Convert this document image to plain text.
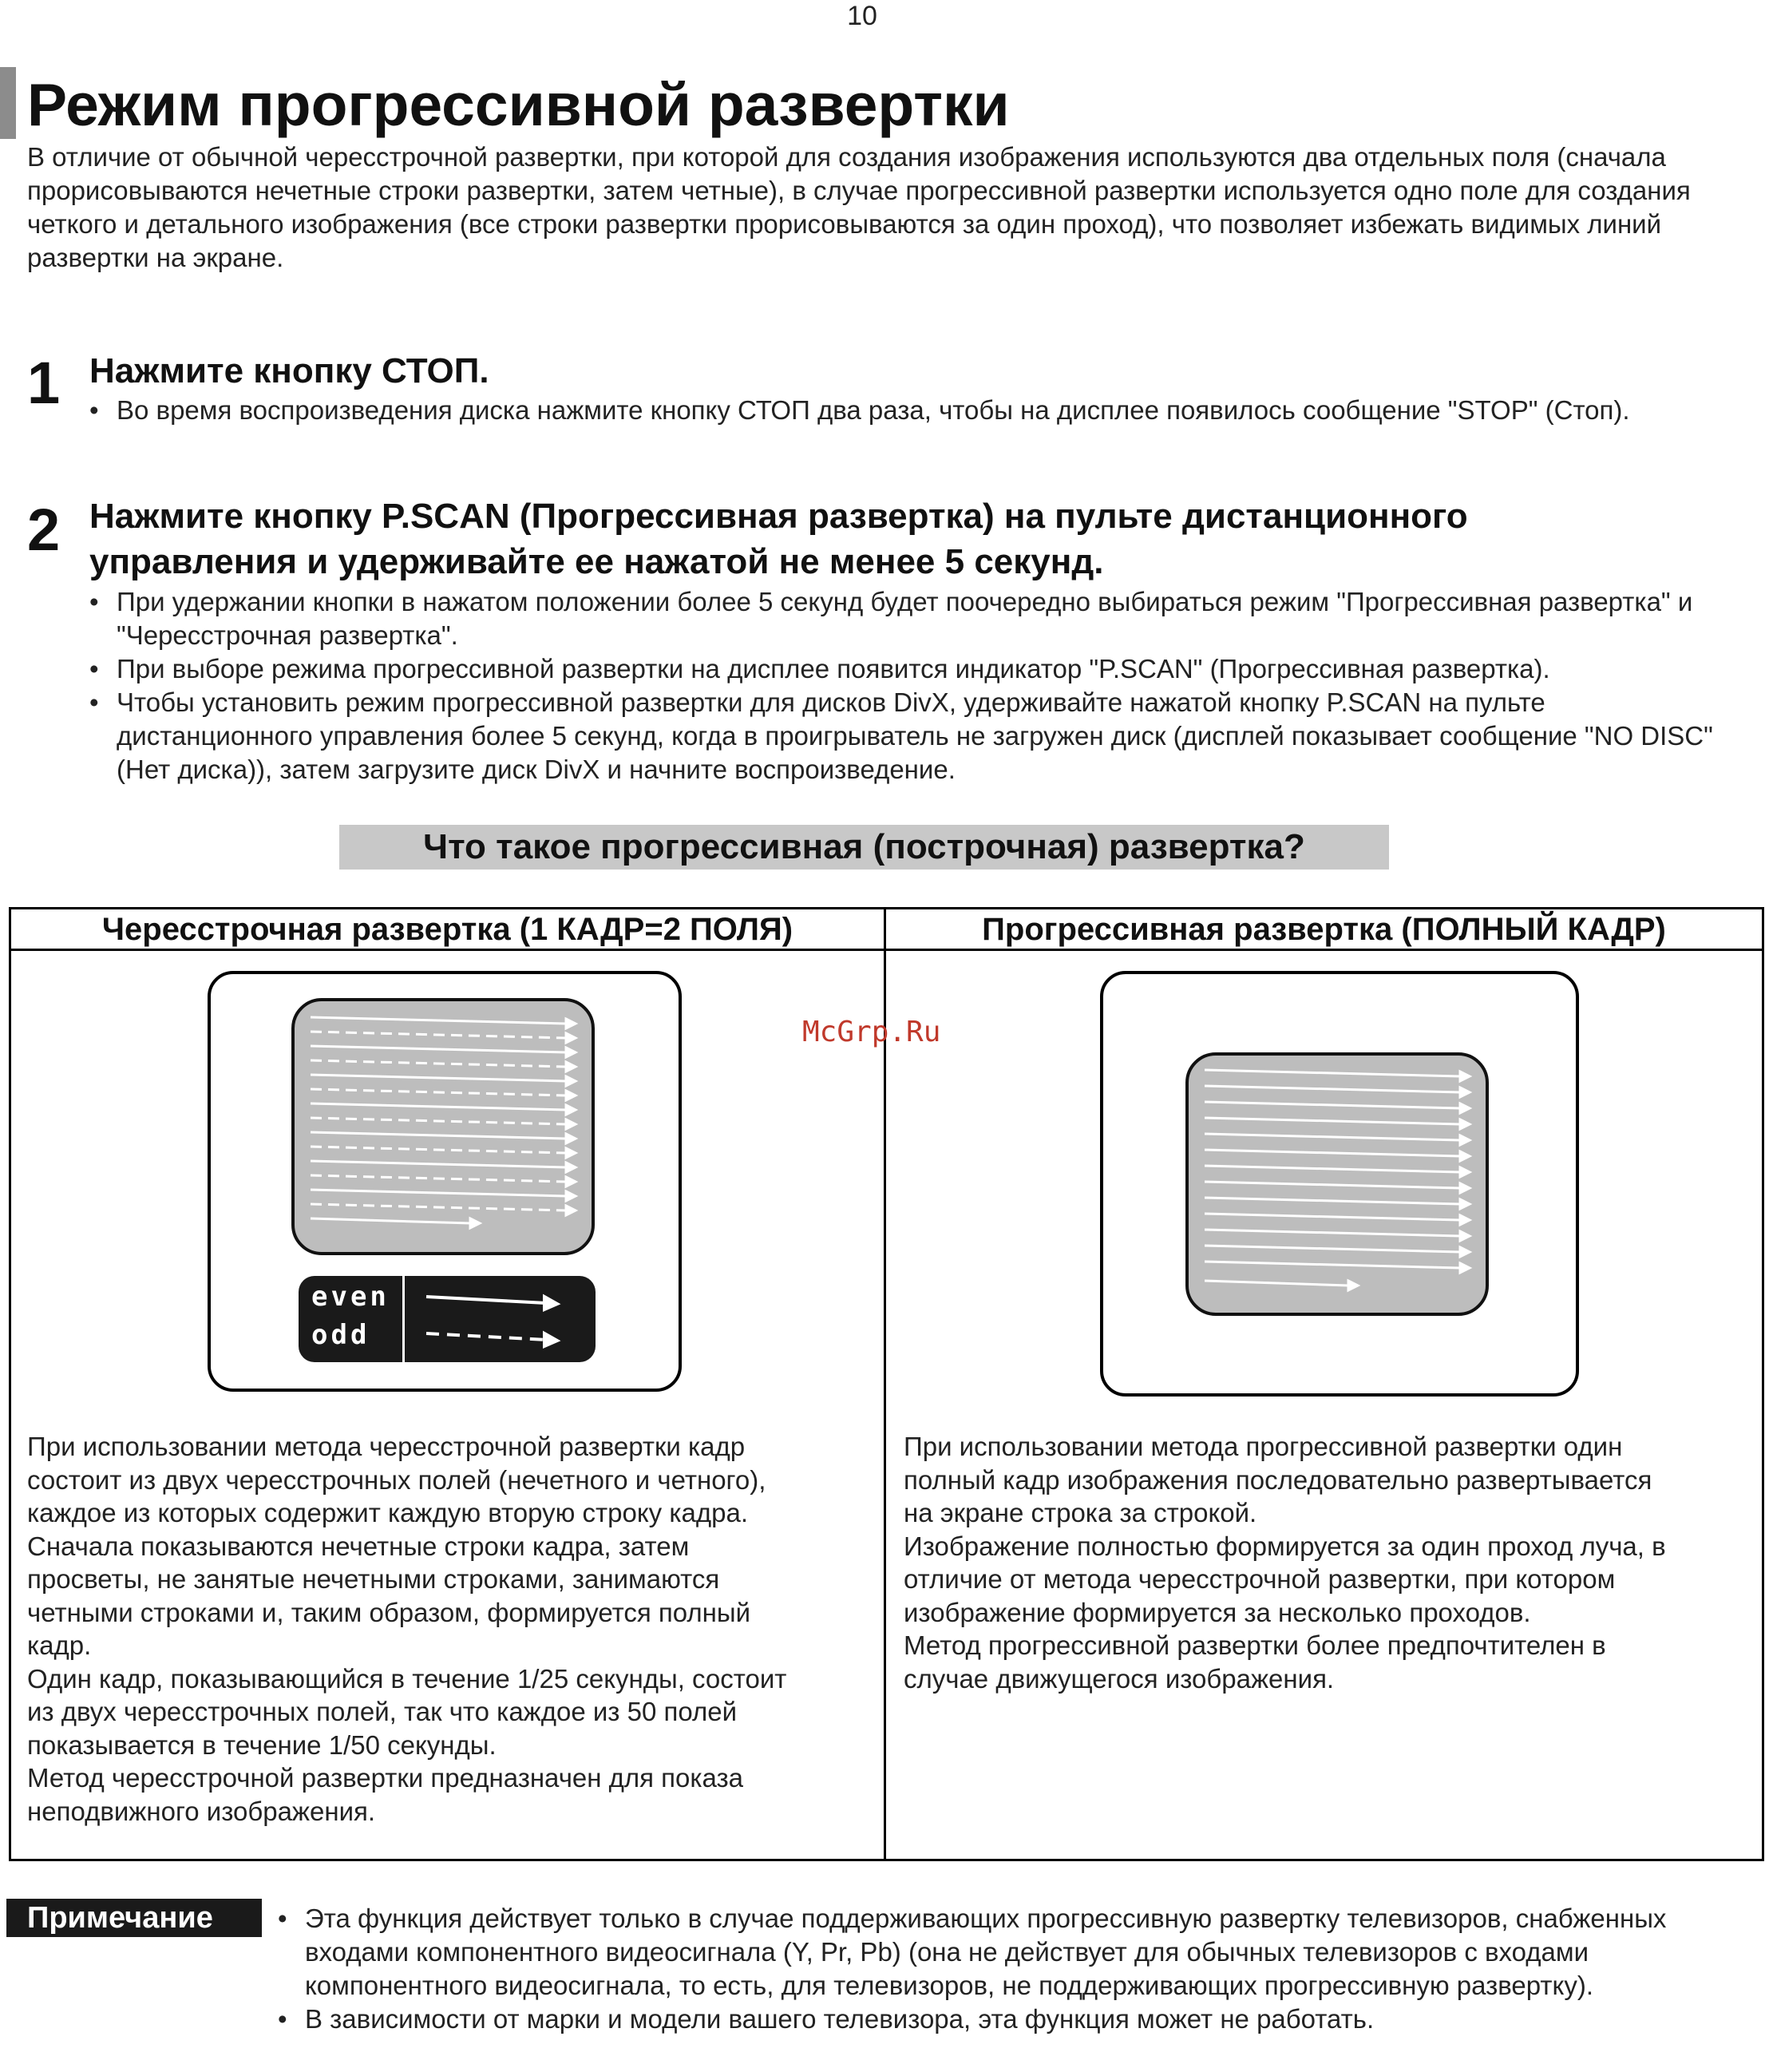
10
Режим прогрессивной развертки
В отличие от обычной чересстрочной развертки, при которой для создания изображения используются два отдельных поля (сначала прорисовываются нечетные строки развертки, затем четные), в случае прогрессивной развертки используется одно поле для создания четкого и детального изображения (все строки развертки прорисовываются за один проход), что позволяет избежать видимых линий развертки на экране.
1 Нажмите кнопку СТОП.
• Во время воспроизведения диска нажмите кнопку СТОП два раза, чтобы на дисплее появилось сообщение "STOP" (Стоп).
2 Нажмите кнопку P.SCAN (Прогрессивная развертка) на пульте дистанционного управления и удерживайте ее нажатой не менее 5 секунд.
• При удержании кнопки в нажатом положении более 5 секунд будет поочередно выбираться режим "Прогрессивная развертка" и "Чересстрочная развертка".
• При выборе режима прогрессивной развертки на дисплее появится индикатор "P.SCAN" (Прогрессивная развертка).
• Чтобы установить режим прогрессивной развертки для дисков DivX, удерживайте нажатой кнопку P.SCAN на пульте дистанционного управления более 5 секунд, когда в проигрыватель не загружен диск (дисплей показывает сообщение "NO DISC" (Нет диска)), затем загрузите диск DivX и начните воспроизведение.
Что такое прогрессивная (построчная) развертка?
Чересстрочная развертка (1 КАДР=2 ПОЛЯ)	Прогрессивная развертка (ПОЛНЫЙ КАДР)
even
odd
При использовании метода чересстрочной развертки кадр
состоит из двух чересстрочных полей (нечетного и четного),
каждое из которых содержит каждую вторую строку кадра.
Сначала показываются нечетные строки кадра, затем
просветы, не занятые нечетными строками, занимаются
четными строками и, таким образом, формируется полный
кадр.
Один кадр, показывающийся в течение 1/25 секунды, состоит
из двух чересстрочных полей, так что каждое из 50 полей
показывается в течение 1/50 секунды.
Метод чересстрочной развертки предназначен для показа
неподвижного изображения.
При использовании метода прогрессивной развертки один
полный кадр изображения последовательно развертывается
на экране строка за строкой.
Изображение полностью формируется за один проход луча, в
отличие от метода чересстрочной развертки, при котором
изображение формируется за несколько проходов.
Метод прогрессивной развертки более предпочтителен в
случае движущегося изображения.
McGrp.Ru
Примечание
•	Эта функция действует только в случае поддерживающих прогрессивную развертку телевизоров, снабженных входами компонентного видеосигнала (Y, Pr, Pb) (она не действует для обычных телевизоров с входами компонентного видеосигнала, то есть, для телевизоров, не поддерживающих прогрессивную развертку).
• В зависимости от марки и модели вашего телевизора, эта функция может не работать.
